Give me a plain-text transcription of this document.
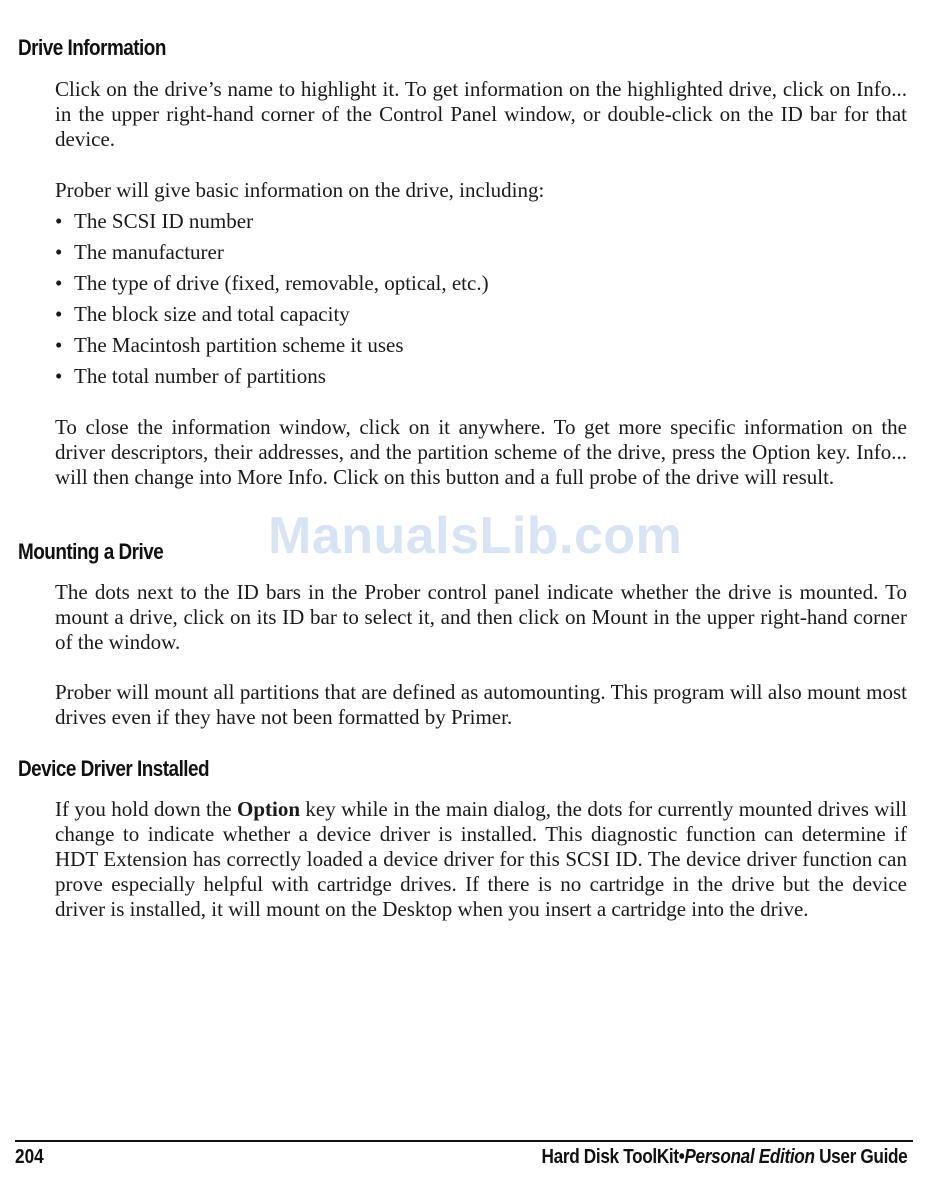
Drive Information

Click on the drive’s name to highlight it. To get information on the highlighted drive, click on Info... in the upper right-hand corner of the Control Panel window, or double-click on the ID bar for that device.

Prober will give basic information on the drive, including:

• The SCSI ID number
• The manufacturer
• The type of drive (fixed, removable, optical, etc.)
• The block size and total capacity
• The Macintosh partition scheme it uses
• The total number of partitions

To close the information window, click on it anywhere. To get more specific information on the driver descriptors, their addresses, and the partition scheme of the drive, press the Option key. Info... will then change into More Info. Click on this button and a full probe of the drive will result.

ManualsLib.com
Mounting a Drive

The dots next to the ID bars in the Prober control panel indicate whether the drive is mounted. To mount a drive, click on its ID bar to select it, and then click on Mount in the upper right-hand corner of the window.

Prober will mount all partitions that are defined as automounting. This program will also mount most drives even if they have not been formatted by Primer.

Device Driver Installed

If you hold down the Option key while in the main dialog, the dots for currently mounted drives will change to indicate whether a device driver is installed. This diagnostic function can determine if HDT Extension has correctly loaded a device driver for this SCSI ID. The device driver function can prove especially helpful with cartridge drives. If there is no cartridge in the drive but the device driver is installed, it will mount on the Desktop when you insert a cartridge into the drive.

204	Hard Disk ToolKit•Personal Edition User Guide
